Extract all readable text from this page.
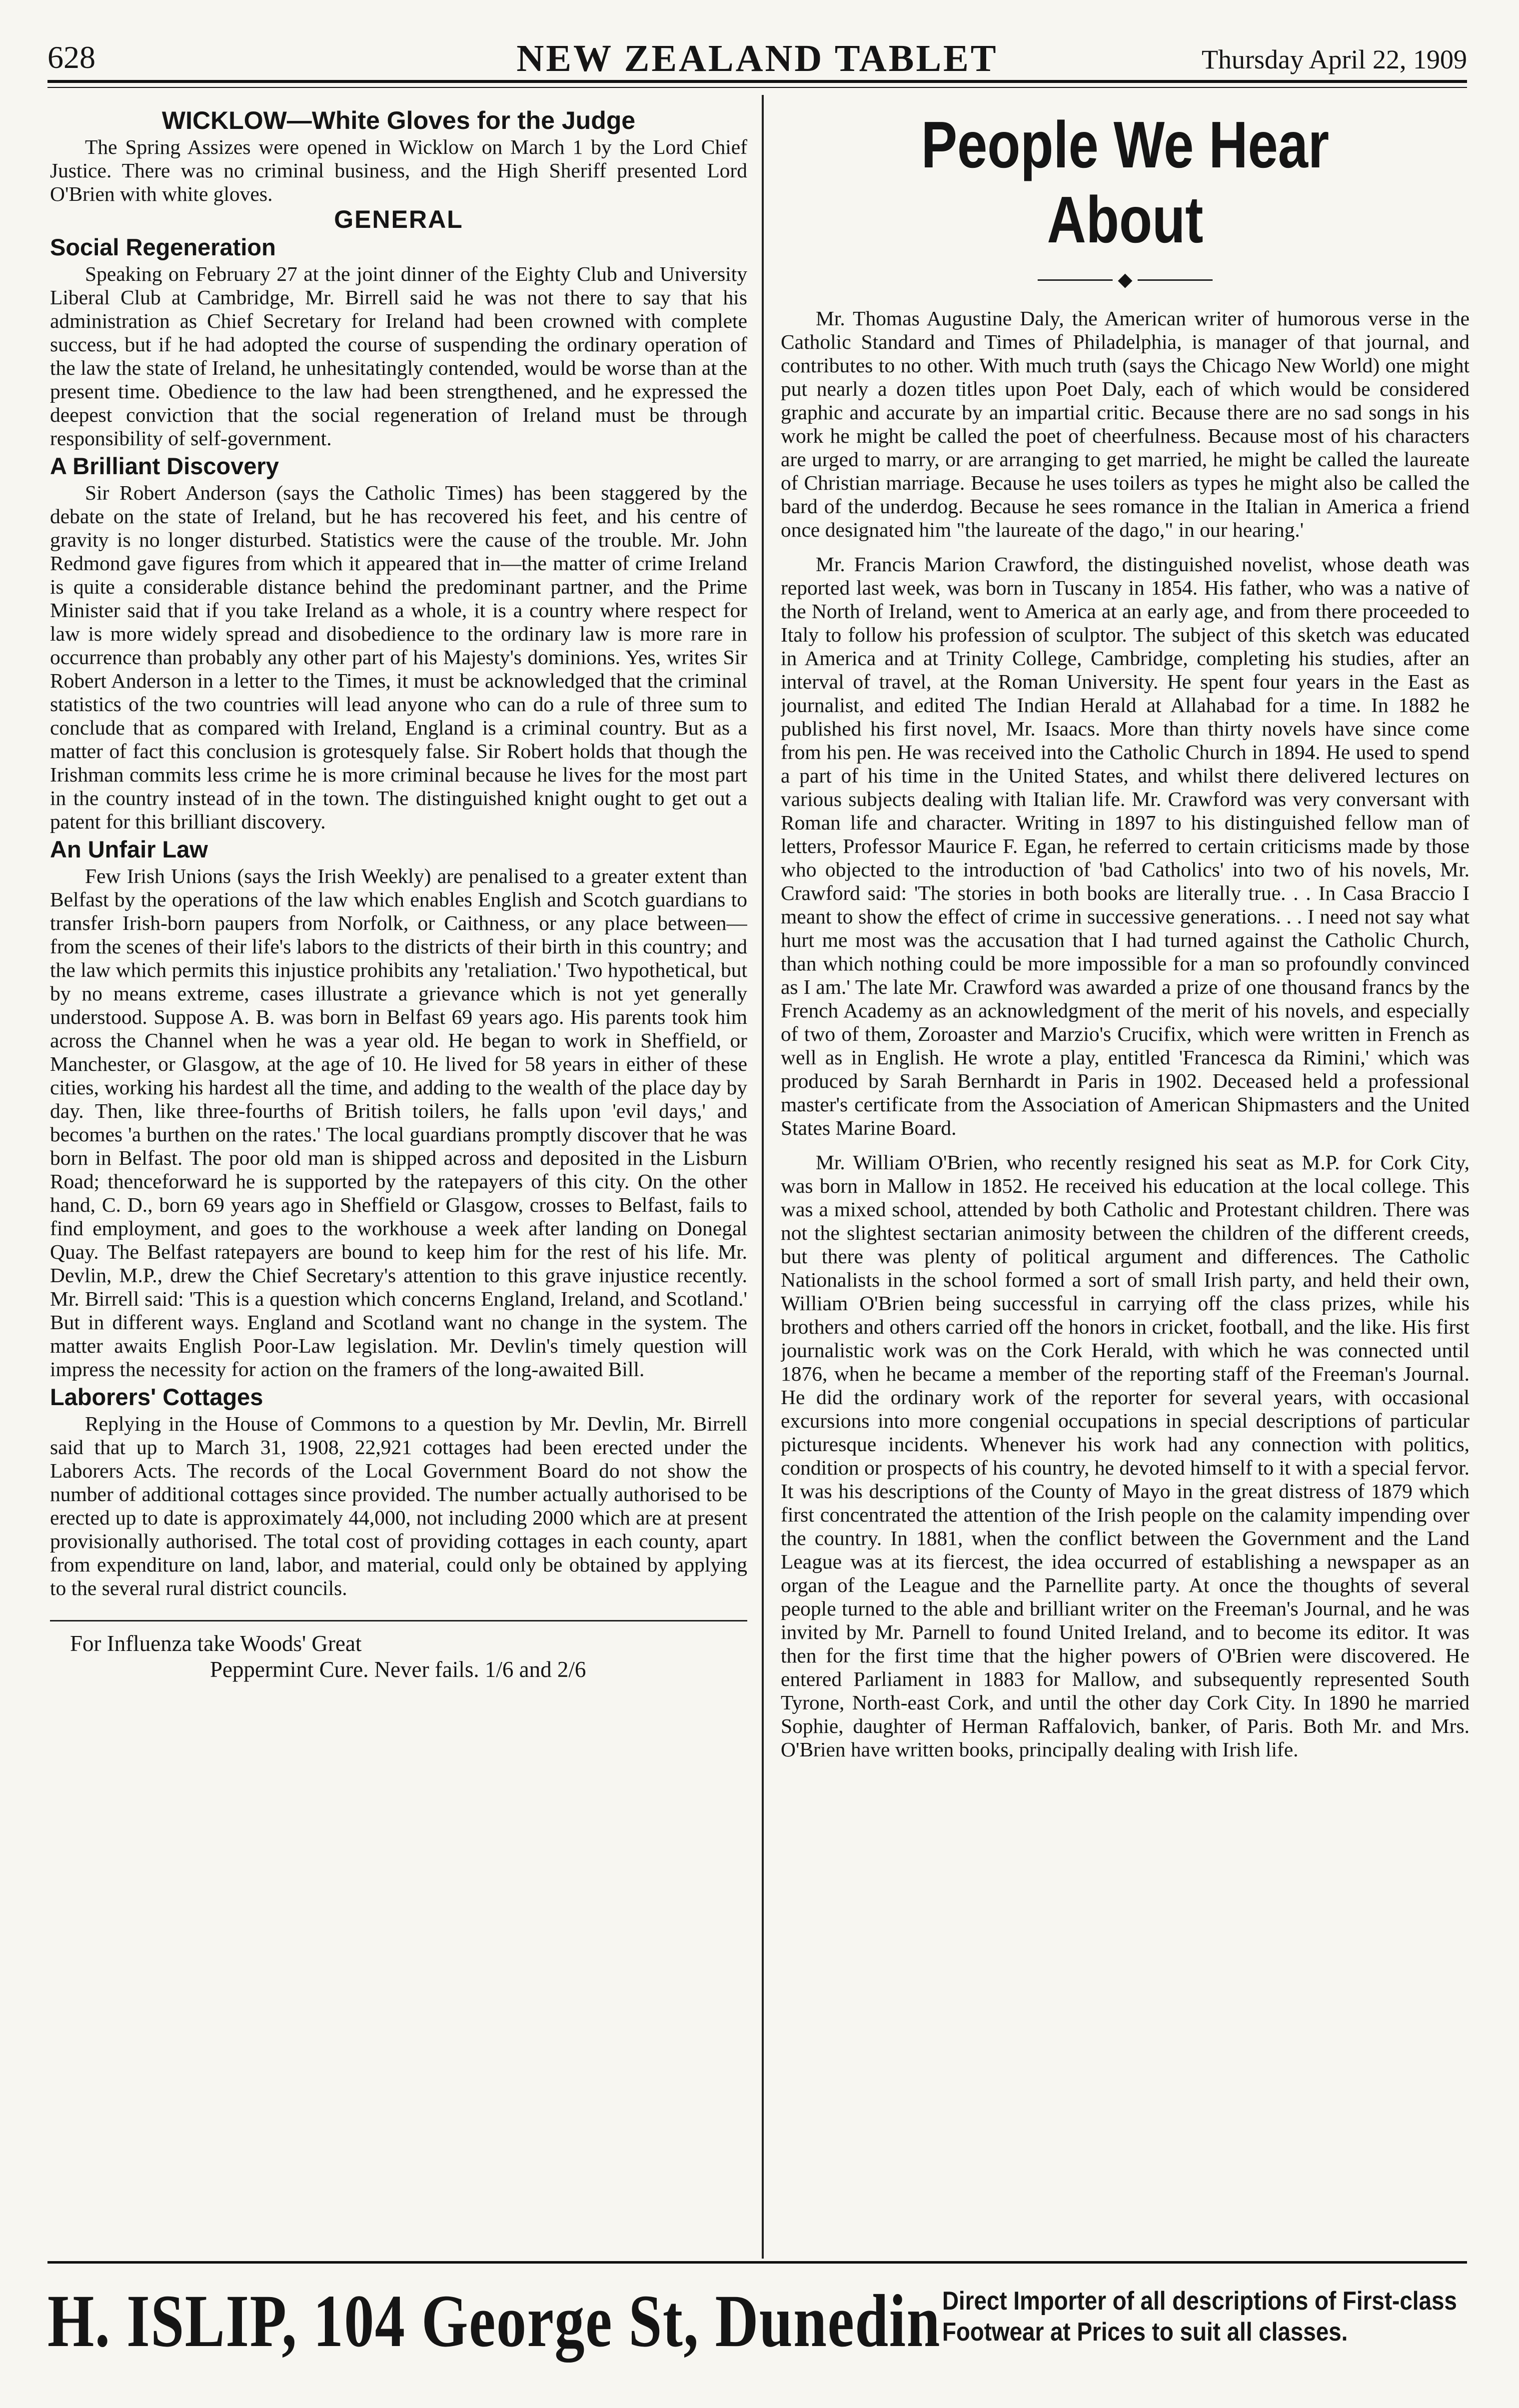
628	NEW ZEALAND TABLET	Thursday April 22, 1909
WICKLOW—White Gloves for the Judge

The Spring Assizes were opened in Wicklow on March 1 by the Lord Chief Justice. There was no criminal business, and the High Sheriff presented Lord O'Brien with white gloves.

GENERAL
Social Regeneration

Speaking on February 27 at the joint dinner of the Eighty Club and University Liberal Club at Cambridge, Mr. Birrell said he was not there to say that his administration as Chief Secretary for Ireland had been crowned with complete success, but if he had adopted the course of suspending the ordinary operation of the law the state of Ireland, he unhesitatingly contended, would be worse than at the present time. Obedience to the law had been strengthened, and he expressed the deepest conviction that the social regeneration of Ireland must be through responsibility of self-government.

A Brilliant Discovery

Sir Robert Anderson (says the Catholic Times) has been staggered by the debate on the state of Ireland, but he has recovered his feet, and his centre of gravity is no longer disturbed. Statistics were the cause of the trouble. Mr. John Redmond gave figures from which it appeared that in—the matter of crime Ireland is quite a considerable distance behind the predominant partner, and the Prime Minister said that if you take Ireland as a whole, it is a country where respect for law is more widely spread and disobedience to the ordinary law is more rare in occurrence than probably any other part of his Majesty's dominions. Yes, writes Sir Robert Anderson in a letter to the Times, it must be acknowledged that the criminal statistics of the two countries will lead anyone who can do a rule of three sum to conclude that as compared with Ireland, England is a criminal country. But as a matter of fact this conclusion is grotesquely false. Sir Robert holds that though the Irishman commits less crime he is more criminal because he lives for the most part in the country instead of in the town. The distinguished knight ought to get out a patent for this brilliant discovery.

An Unfair Law

Few Irish Unions (says the Irish Weekly) are penalised to a greater extent than Belfast by the operations of the law which enables English and Scotch guardians to transfer Irish-born paupers from Norfolk, or Caithness, or any place between—from the scenes of their life's labors to the districts of their birth in this country; and the law which permits this injustice prohibits any 'retaliation.' Two hypothetical, but by no means extreme, cases illustrate a grievance which is not yet generally understood. Suppose A. B. was born in Belfast 69 years ago. His parents took him across the Channel when he was a year old. He began to work in Sheffield, or Manchester, or Glasgow, at the age of 10. He lived for 58 years in either of these cities, working his hardest all the time, and adding to the wealth of the place day by day. Then, like three-fourths of British toilers, he falls upon 'evil days,' and becomes 'a burthen on the rates.' The local guardians promptly discover that he was born in Belfast. The poor old man is shipped across and deposited in the Lisburn Road; thenceforward he is supported by the ratepayers of this city. On the other hand, C. D., born 69 years ago in Sheffield or Glasgow, crosses to Belfast, fails to find employment, and goes to the workhouse a week after landing on Donegal Quay. The Belfast ratepayers are bound to keep him for the rest of his life. Mr. Devlin, M.P., drew the Chief Secretary's attention to this grave injustice recently. Mr. Birrell said: 'This is a question which concerns England, Ireland, and Scotland.' But in different ways. England and Scotland want no change in the system. The matter awaits English Poor-Law legislation. Mr. Devlin's timely question will impress the necessity for action on the framers of the long-awaited Bill.

Laborers' Cottages

Replying in the House of Commons to a question by Mr. Devlin, Mr. Birrell said that up to March 31, 1908, 22,921 cottages had been erected under the Laborers Acts. The records of the Local Government Board do not show the number of additional cottages since provided. The number actually authorised to be erected up to date is approximately 44,000, not including 2000 which are at present provisionally authorised. The total cost of providing cottages in each county, apart from expenditure on land, labor, and material, could only be obtained by applying to the several rural district councils.

For Influenza take Woods' Great
Peppermint Cure. Never fails. 1/6 and 2/6
People We Hear About
◆

Mr. Thomas Augustine Daly, the American writer of humorous verse in the Catholic Standard and Times of Philadelphia, is manager of that journal, and contributes to no other. With much truth (says the Chicago New World) one might put nearly a dozen titles upon Poet Daly, each of which would be considered graphic and accurate by an impartial critic. Because there are no sad songs in his work he might be called the poet of cheerfulness. Because most of his characters are urged to marry, or are arranging to get married, he might be called the laureate of Christian marriage. Because he uses toilers as types he might also be called the bard of the underdog. Because he sees romance in the Italian in America a friend once designated him "the laureate of the dago," in our hearing.'

Mr. Francis Marion Crawford, the distinguished novelist, whose death was reported last week, was born in Tuscany in 1854. His father, who was a native of the North of Ireland, went to America at an early age, and from there proceeded to Italy to follow his profession of sculptor. The subject of this sketch was educated in America and at Trinity College, Cambridge, completing his studies, after an interval of travel, at the Roman University. He spent four years in the East as journalist, and edited The Indian Herald at Allahabad for a time. In 1882 he published his first novel, Mr. Isaacs. More than thirty novels have since come from his pen. He was received into the Catholic Church in 1894. He used to spend a part of his time in the United States, and whilst there delivered lectures on various subjects dealing with Italian life. Mr. Crawford was very conversant with Roman life and character. Writing in 1897 to his distinguished fellow man of letters, Professor Maurice F. Egan, he referred to certain criticisms made by those who objected to the introduction of 'bad Catholics' into two of his novels, Mr. Crawford said: 'The stories in both books are literally true. . . In Casa Braccio I meant to show the effect of crime in successive generations. . . I need not say what hurt me most was the accusation that I had turned against the Catholic Church, than which nothing could be more impossible for a man so profoundly convinced as I am.' The late Mr. Crawford was awarded a prize of one thousand francs by the French Academy as an acknowledgment of the merit of his novels, and especially of two of them, Zoroaster and Marzio's Crucifix, which were written in French as well as in English. He wrote a play, entitled 'Francesca da Rimini,' which was produced by Sarah Bernhardt in Paris in 1902. Deceased held a professional master's certificate from the Association of American Shipmasters and the United States Marine Board.

Mr. William O'Brien, who recently resigned his seat as M.P. for Cork City, was born in Mallow in 1852. He received his education at the local college. This was a mixed school, attended by both Catholic and Protestant children. There was not the slightest sectarian animosity between the children of the different creeds, but there was plenty of political argument and differences. The Catholic Nationalists in the school formed a sort of small Irish party, and held their own, William O'Brien being successful in carrying off the class prizes, while his brothers and others carried off the honors in cricket, football, and the like. His first journalistic work was on the Cork Herald, with which he was connected until 1876, when he became a member of the reporting staff of the Freeman's Journal. He did the ordinary work of the reporter for several years, with occasional excursions into more congenial occupations in special descriptions of particular picturesque incidents. Whenever his work had any connection with politics, condition or prospects of his country, he devoted himself to it with a special fervor. It was his descriptions of the County of Mayo in the great distress of 1879 which first concentrated the attention of the Irish people on the calamity impending over the country. In 1881, when the conflict between the Government and the Land League was at its fiercest, the idea occurred of establishing a newspaper as an organ of the League and the Parnellite party. At once the thoughts of several people turned to the able and brilliant writer on the Freeman's Journal, and he was invited by Mr. Parnell to found United Ireland, and to become its editor. It was then for the first time that the higher powers of O'Brien were discovered. He entered Parliament in 1883 for Mallow, and subsequently represented South Tyrone, North-east Cork, and until the other day Cork City. In 1890 he married Sophie, daughter of Herman Raffalovich, banker, of Paris. Both Mr. and Mrs. O'Brien have written books, principally dealing with Irish life.

H. ISLIP, 104 George St, Dunedin Direct Importer of all descriptions of First-class
Footwear at Prices to suit all classes.
